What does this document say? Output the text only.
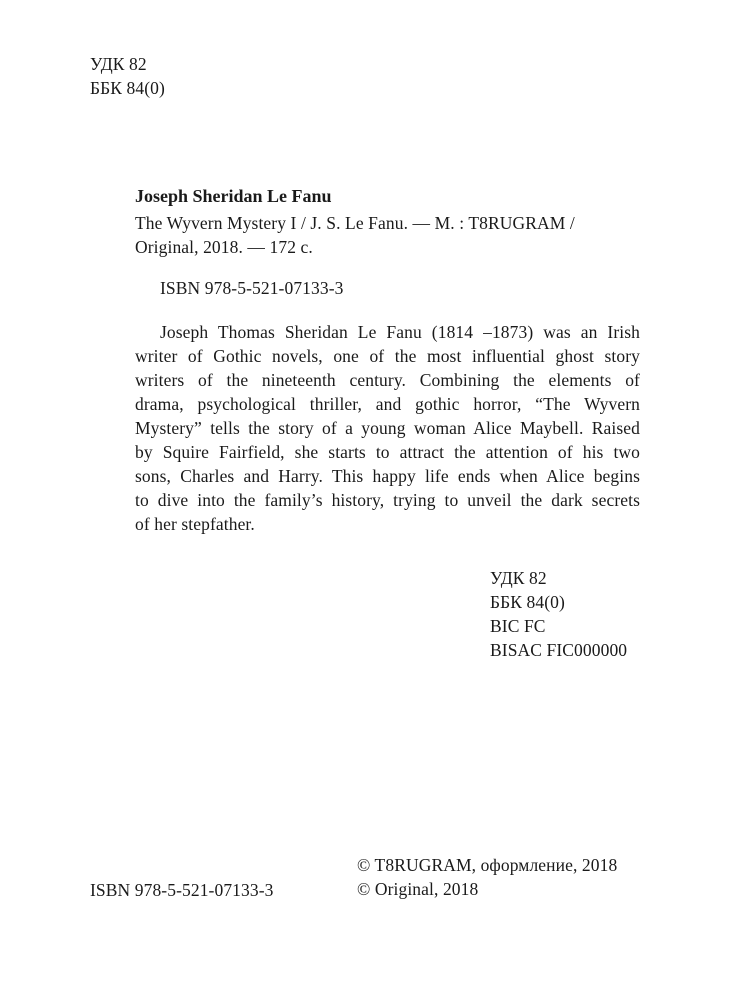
УДК 82
ББК 84(0)
Joseph Sheridan Le Fanu
The Wyvern Mystery I / J. S. Le Fanu. — M. : T8RUGRAM /
Original, 2018. — 172 c.
ISBN 978-5-521-07133-3
Joseph Thomas Sheridan Le Fanu (1814 –1873) was an Irish
writer of Gothic novels, one of the most influential ghost story
writers of the nineteenth century. Combining the elements of
drama, psychological thriller, and gothic horror, “The Wyvern
Mystery” tells the story of a young woman Alice Maybell. Raised
by Squire Fairfield, she starts to attract the attention of his two
sons, Charles and Harry. This happy life ends when Alice begins
to dive into the family’s history, trying to unveil the dark secrets
of her stepfather.
УДК 82
ББК 84(0)
BIC FC
BISAC FIC000000
© T8RUGRAM, оформление, 2018
© Original, 2018
ISBN 978-5-521-07133-3
